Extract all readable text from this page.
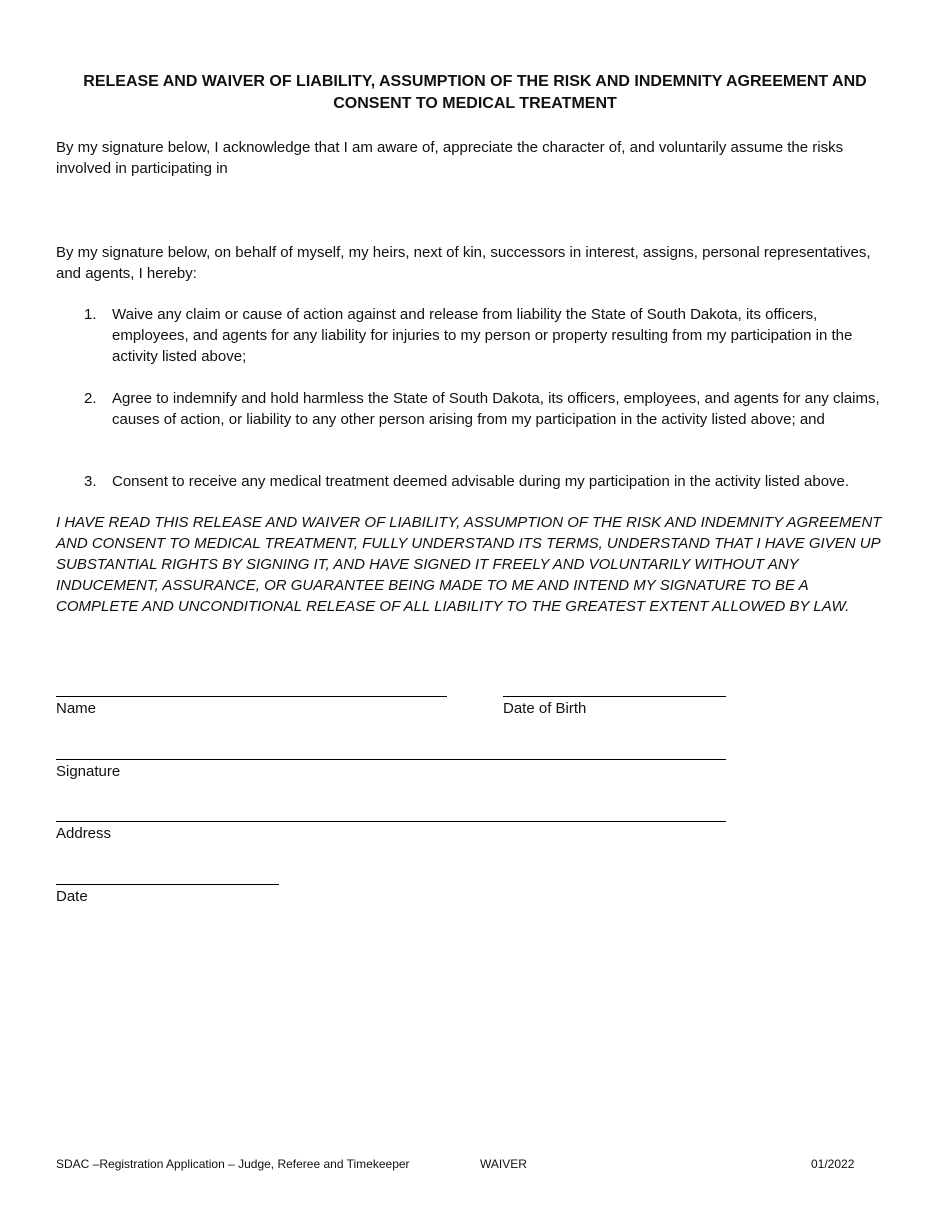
RELEASE AND WAIVER OF LIABILITY, ASSUMPTION OF THE RISK AND INDEMNITY AGREEMENT AND CONSENT TO MEDICAL TREATMENT

By my signature below, I acknowledge that I am aware of, appreciate the character of, and voluntarily assume the risks involved in participating in

By my signature below, on behalf of myself, my heirs, next of kin, successors in interest, assigns, personal representatives, and agents, I hereby:

1. Waive any claim or cause of action against and release from liability the State of South Dakota, its officers, employees, and agents for any liability for injuries to my person or property resulting from my participation in the activity listed above;
2. Agree to indemnify and hold harmless the State of South Dakota, its officers, employees, and agents for any claims, causes of action, or liability to any other person arising from my participation in the activity listed above; and
3. Consent to receive any medical treatment deemed advisable during my participation in the activity listed above.

I HAVE READ THIS RELEASE AND WAIVER OF LIABILITY, ASSUMPTION OF THE RISK AND INDEMNITY AGREEMENT AND CONSENT TO MEDICAL TREATMENT, FULLY UNDERSTAND ITS TERMS, UNDERSTAND THAT I HAVE GIVEN UP SUBSTANTIAL RIGHTS BY SIGNING IT, AND HAVE SIGNED IT FREELY AND VOLUNTARILY WITHOUT ANY INDUCEMENT, ASSURANCE, OR GUARANTEE BEING MADE TO ME AND INTEND MY SIGNATURE TO BE A COMPLETE AND UNCONDITIONAL RELEASE OF ALL LIABILITY TO THE GREATEST EXTENT ALLOWED BY LAW.

Name	Date of Birth
Signature
Address
Date
SDAC –Registration Application – Judge, Referee and Timekeeper	WAIVER	01/2022
